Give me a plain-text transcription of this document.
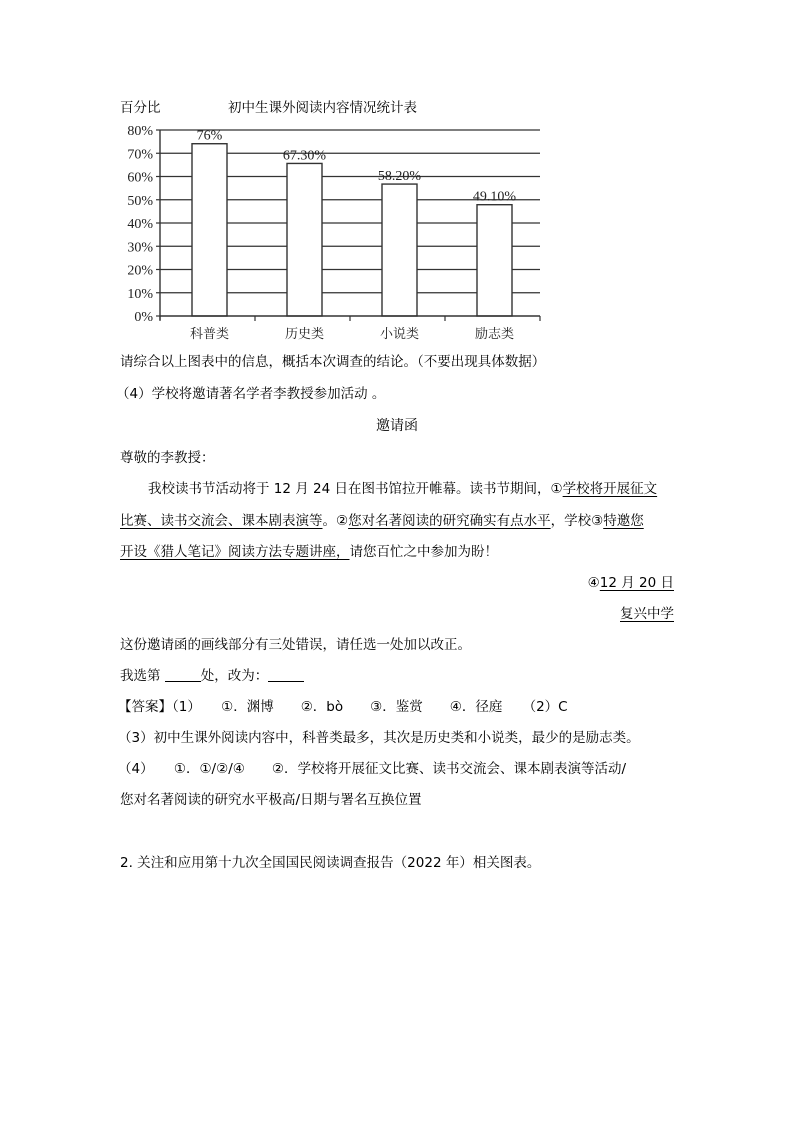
百分比	初中生课外阅读内容情况统计表
0%
10%
20%
30%
40%
50%
60%
70%
80%	76%
科普类
67.30%
历史类
58.20%
小说类
49.10%
励志类
请综合以上图表中的信息，概括本次调查的结论。（不要出现具体数据）
（4）学校将邀请著名学者李教授参加活动 。
邀请函
尊敬的李教授：
我校读书节活动将于 12 月 24 日在图书馆拉开帷幕。读书节期间，①学校将开展征文
比赛、读书交流会、课本剧表演等。②您对名著阅读的研究确实有点水平，学校③特邀您
开设《猎人笔记》阅读方法专题讲座，请您百忙之中参加为盼！
④12 月 20 日
复兴中学
这份邀请函的画线部分有三处错误，请任选一处加以改正。
我选第	处，改为：
【答案】（1）　　①．渊博　　②．bò　　③．鉴赏　　④．径庭　　（2）C
（3）初中生课外阅读内容中，科普类最多，其次是历史类和小说类，最少的是励志类。
（4）　　①．①/②/④　　②．学校将开展征文比赛、读书交流会、课本剧表演等活动/
您对名著阅读的研究水平极高/日期与署名互换位置
2. 关注和应用第十九次全国国民阅读调查报告（2022 年）相关图表。
